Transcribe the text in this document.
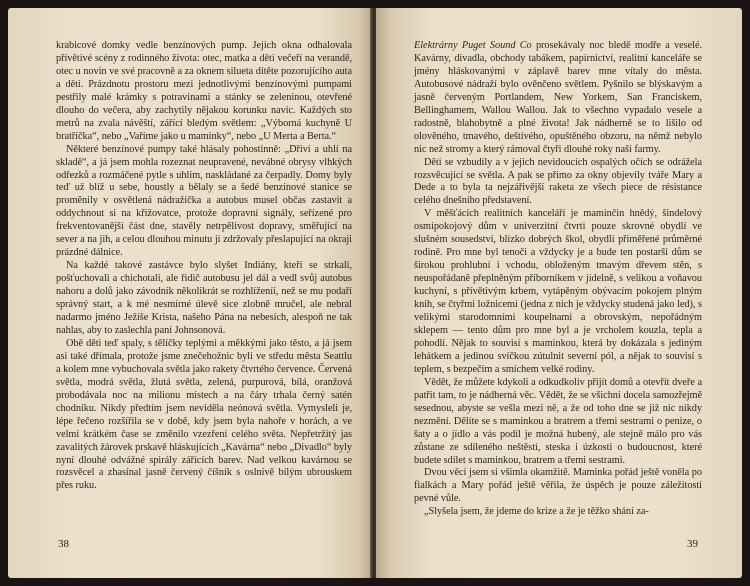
krabicové domky vedle benzínových pump. Jejich okna odhalovala přívětivé scény z rodinného života: otec, matka a děti večeří na verandě, otec u novin ve své pracovně a za oknem silueta dítěte pozorujícího auta a děti. Prázdnotu prostoru mezi jednotlivými benzínovými pumpami pestřily malé krámky s potravinami a stánky se zeleninou, otevřené dlouho do večera, aby zachytily nějakou korunku navíc. Každých sto metrů na zvala návěští, zářící bledým světlem: „Výborná kuchyně U bratříčka“, nebo „Vaříme jako u maminky“, nebo „U Merta a Berta.“

Některé benzínové pumpy také hlásaly pohostinně: „Dříví a uhlí na skladě“, a já jsem mohla rozeznat neupravené, nevábné obrysy vlhkých odřezků a rozmáčené pytle s uhlím, naskládané za čerpadly. Domy byly teď už blíž u sebe, houstly a bělaly se a šedé benzínové stanice se proměnily v osvětlená nádražíčka a autobus musel občas zastavit a oddychnout si na křižovatce, protože dopravní signály, seřízené pro frekventovanější část dne, stavěly netrpělivost dopravy, směřující na sever a na jih, a celou dlouhou minutu ji zdržovaly přeslapující na okraji prázdné dálnice.

Na každé takové zastávce bylo slyšet Indiány, kteří se strkali, pošťuchovali a chichotali, ale řidič autobusu jel dál a vedl svůj autobus nahoru a dolů jako závodník několikrát se rozhlíženíí, než se mu podaří správný start, a k mé nesmírné úlevě sice zlobně mručel, ale nebral nadarmo jméno Ježíše Krista, našeho Pána na nebesích, alespoň ne tak nahlas, aby to zaslechla paní Johnsonová.

Obě děti teď spaly, s tělíčky teplými a měkkými jako těsto, a já jsem asi také dřímala, protože jsme znečehožnic byli ve středu města Seattlu a kolem mne vybuchovala světla jako rakety čtvrtého července. Červená světla, modrá světla, žlutá světla, zelená, purpurová, bílá, oranžová probodávala noc na milionu místech a na čáry trhala černý satén chodníku. Nikdy předtím jsem neviděla neónová světla. Vymysleli je, lépe řečeno rozšířila se v době, kdy jsem byla nahoře v horách, a ve velmi krátkém čase se změnilo vzezření celého světa. Nepřetržitý jas zavalitých žárovek prskavě hláskujících „Kavárna“ nebo „Divadlo“ byly nyní dlouhé odvážné spirály zářících barev. Nad velkou kavárnou se rozsvěcel a zhasínal jasně červený číšník s oslnivě bílým ubrouskem přes ruku.

38

Elektrárny Puget Sound Co prosekávaly noc bledě modře a veselé. Kavárny, divadla, obchody tabákem, papírnictví, realitní kanceláře se jmény hláskovanými v záplavě barev mne vítaly do města. Autobusové nádraží bylo ověnčeno světlem. Pyšnilo se blýskavým a jasně červeným Portlandem, New Yorkem, San Franciskem, Bellinghamem, Wallou Wallou. Jak to všechno vypadalo vesele a radostně, blahobytně a plné života! Jak nádherně se to lišilo od olověného, tmavého, deštivého, opuštěného obzoru, na němž nebylo nic než stromy a který rámoval čtyři dlouhé roky naší farmy.

Děti se vzbudily a v jejich nevidoucích ospalých očích se odrážela rozsvěcující se světla. A pak se přímo za okny objevily tváře Mary a Dede a to byla ta nejzářivější raketa ze všech piece de résistance celého dnešního představení.

V měšťácích realitních kanceláří je maminčin hnědý, šindelový osmipokojový dům v univerzitní čtvrti pouze skrovné obydlí ve slušném sousedství, blízko dobrých škol, obydlí přiměřené průměrné rodině. Pro mne byl tenoči a vždycky je a bude ten postarší dům se širokou prohlubní i vchodu, obloženým tmavým dřevem stěn, s neuspořádaně přeplněným příborníkem v jídelně, s velikou a voňavou kuchyní, s přívětivým krbem, vytápěným obývacím pokojem plným knih, se čtyřmi ložnicemi (jedna z nich je vždycky studená jako led), s velikými starodomními koupelnami a obrovským, nepořádným sklepem — tento dům pro mne byl a je vrcholem kouzla, tepla a pohodlí. Nějak to souvisí s maminkou, která by dokázala s jediným lehátkem a jedinou svíčkou zútulnit severní pól, a nějak to souvisí s teplem, s bezpečím a smíchem velké rodiny.

Vědět, že můžete kdykoli a odkudkoliv přijít domů a otevřít dveře a patřit tam, to je nádherná věc. Vědět, že se všichni docela samozřejmě sesednou, abyste se vešla mezi ně, a že od toho dne se již nic nikdy nezmění. Dělíte se s maminkou a bratrem a třemi sestrami o penize, o šaty a o jídlo a vás podíl je možná hubený, ale stejně málo pro vás zůstane ze sdíleného neštěstí, steska i úzkosti o budoucnost, které budete sdílet s maminkou, bratrem a třemi sestrami.

Dvou věcí jsem si všimla okamžitě. Maminka pořád ještě voněla po fialkách a Mary pořád ještě věřila, že úspěch je pouze záležitostí pevné vůle.

„Slyšela jsem, že jdeme do krize a že je těžko shání za-

39
